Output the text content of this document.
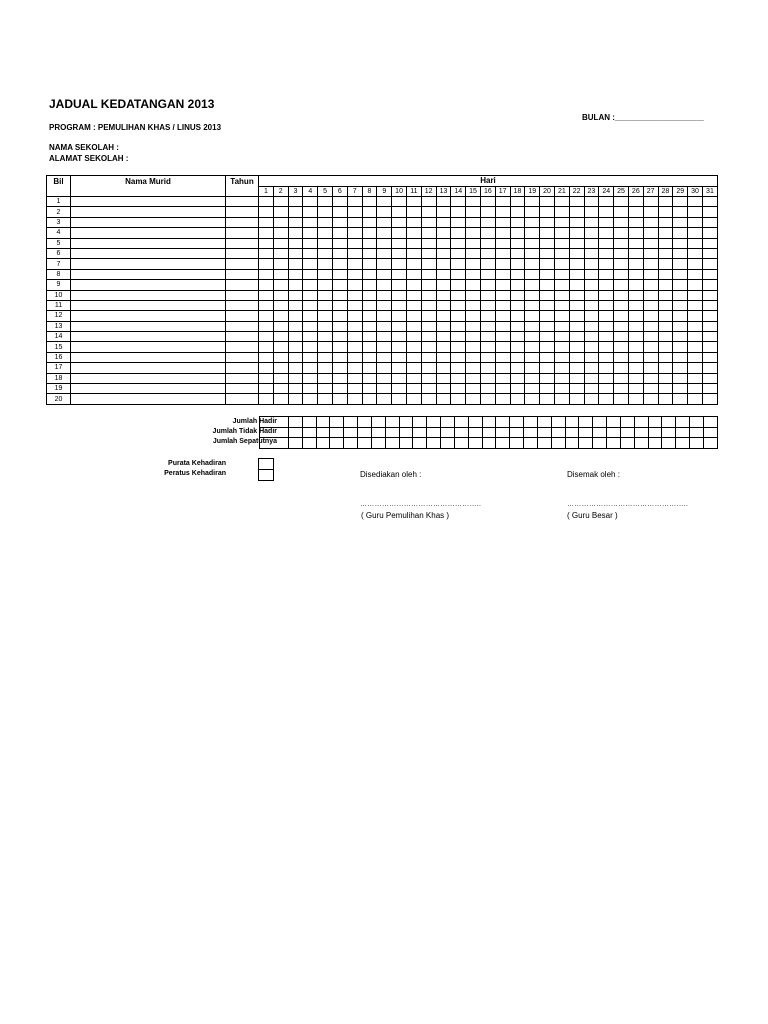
JADUAL KEDATANGAN 2013
PROGRAM : PEMULIHAN KHAS / LINUS 2013
BULAN :____________________
NAMA SEKOLAH :
ALAMAT SEKOLAH :
Bil	Nama Murid	Tahun	Hari																														
			1	2	3	4	5	6	7	8	9	10	11	12	13	14	15	16	17	18	19	20	21	22	23	24	25	26	27	28	29	30	31
1																																	
2																																	
3																																	
4																																	
5																																	
6																																	
7																																	
8																																	
9																																	
10																																	
11																																	
12																																	
13																																	
14																																	
15																																	
16																																	
17																																	
18																																	
19																																	
20																																	
Jumlah Hadir
Jumlah Tidak Hadir
Jumlah Sepatutnya

Purata Kehadiran
Peratus Kehadiran	Disediakan oleh :	Disemak oleh :
…………………………………………..	…………………………………………..
( Guru Pemulihan Khas )	( Guru Besar )
